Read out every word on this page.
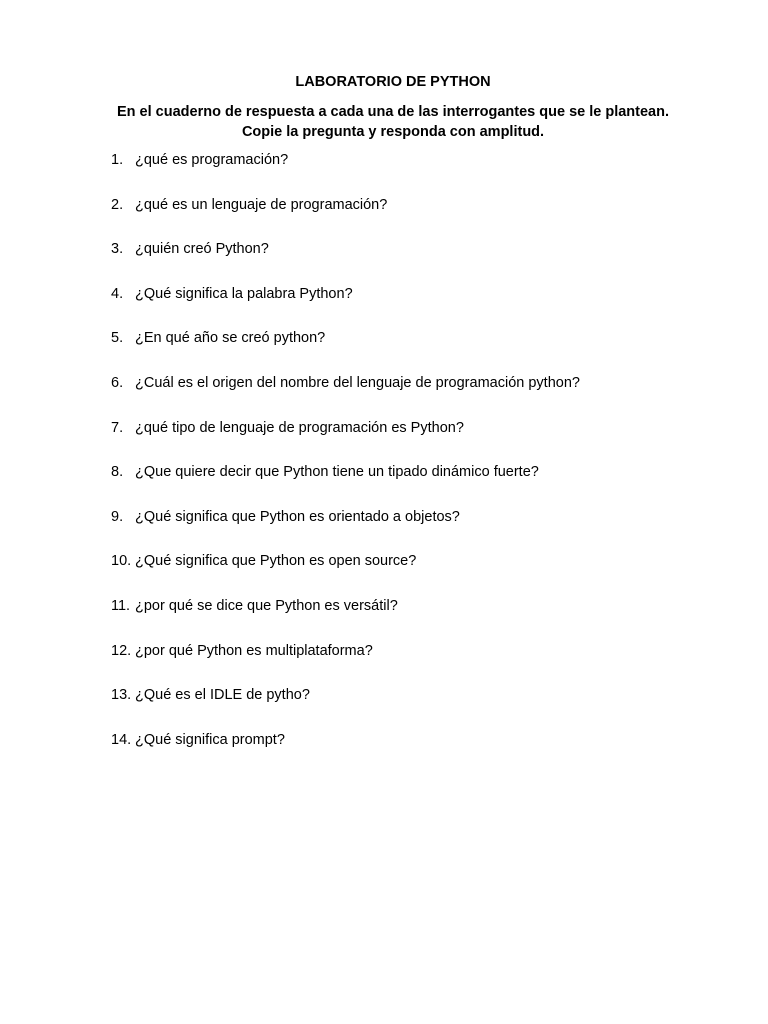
LABORATORIO DE PYTHON
En el cuaderno de respuesta a cada una de las interrogantes que se le plantean.
Copie la pregunta y responda con amplitud.
1. ¿qué es programación?
2. ¿qué es un lenguaje de programación?
3. ¿quién creó Python?
4. ¿Qué significa la palabra Python?
5. ¿En qué año se creó python?
6. ¿Cuál es el origen del nombre del lenguaje de programación python?
7. ¿qué tipo de lenguaje de programación es Python?
8. ¿Que quiere decir que Python tiene un tipado dinámico fuerte?
9. ¿Qué significa que Python es orientado a objetos?
10. ¿Qué significa que Python es open source?
11. ¿por qué se dice que Python es versátil?
12. ¿por qué Python es multiplataforma?
13. ¿Qué es el IDLE de pytho?
14. ¿Qué significa prompt?
